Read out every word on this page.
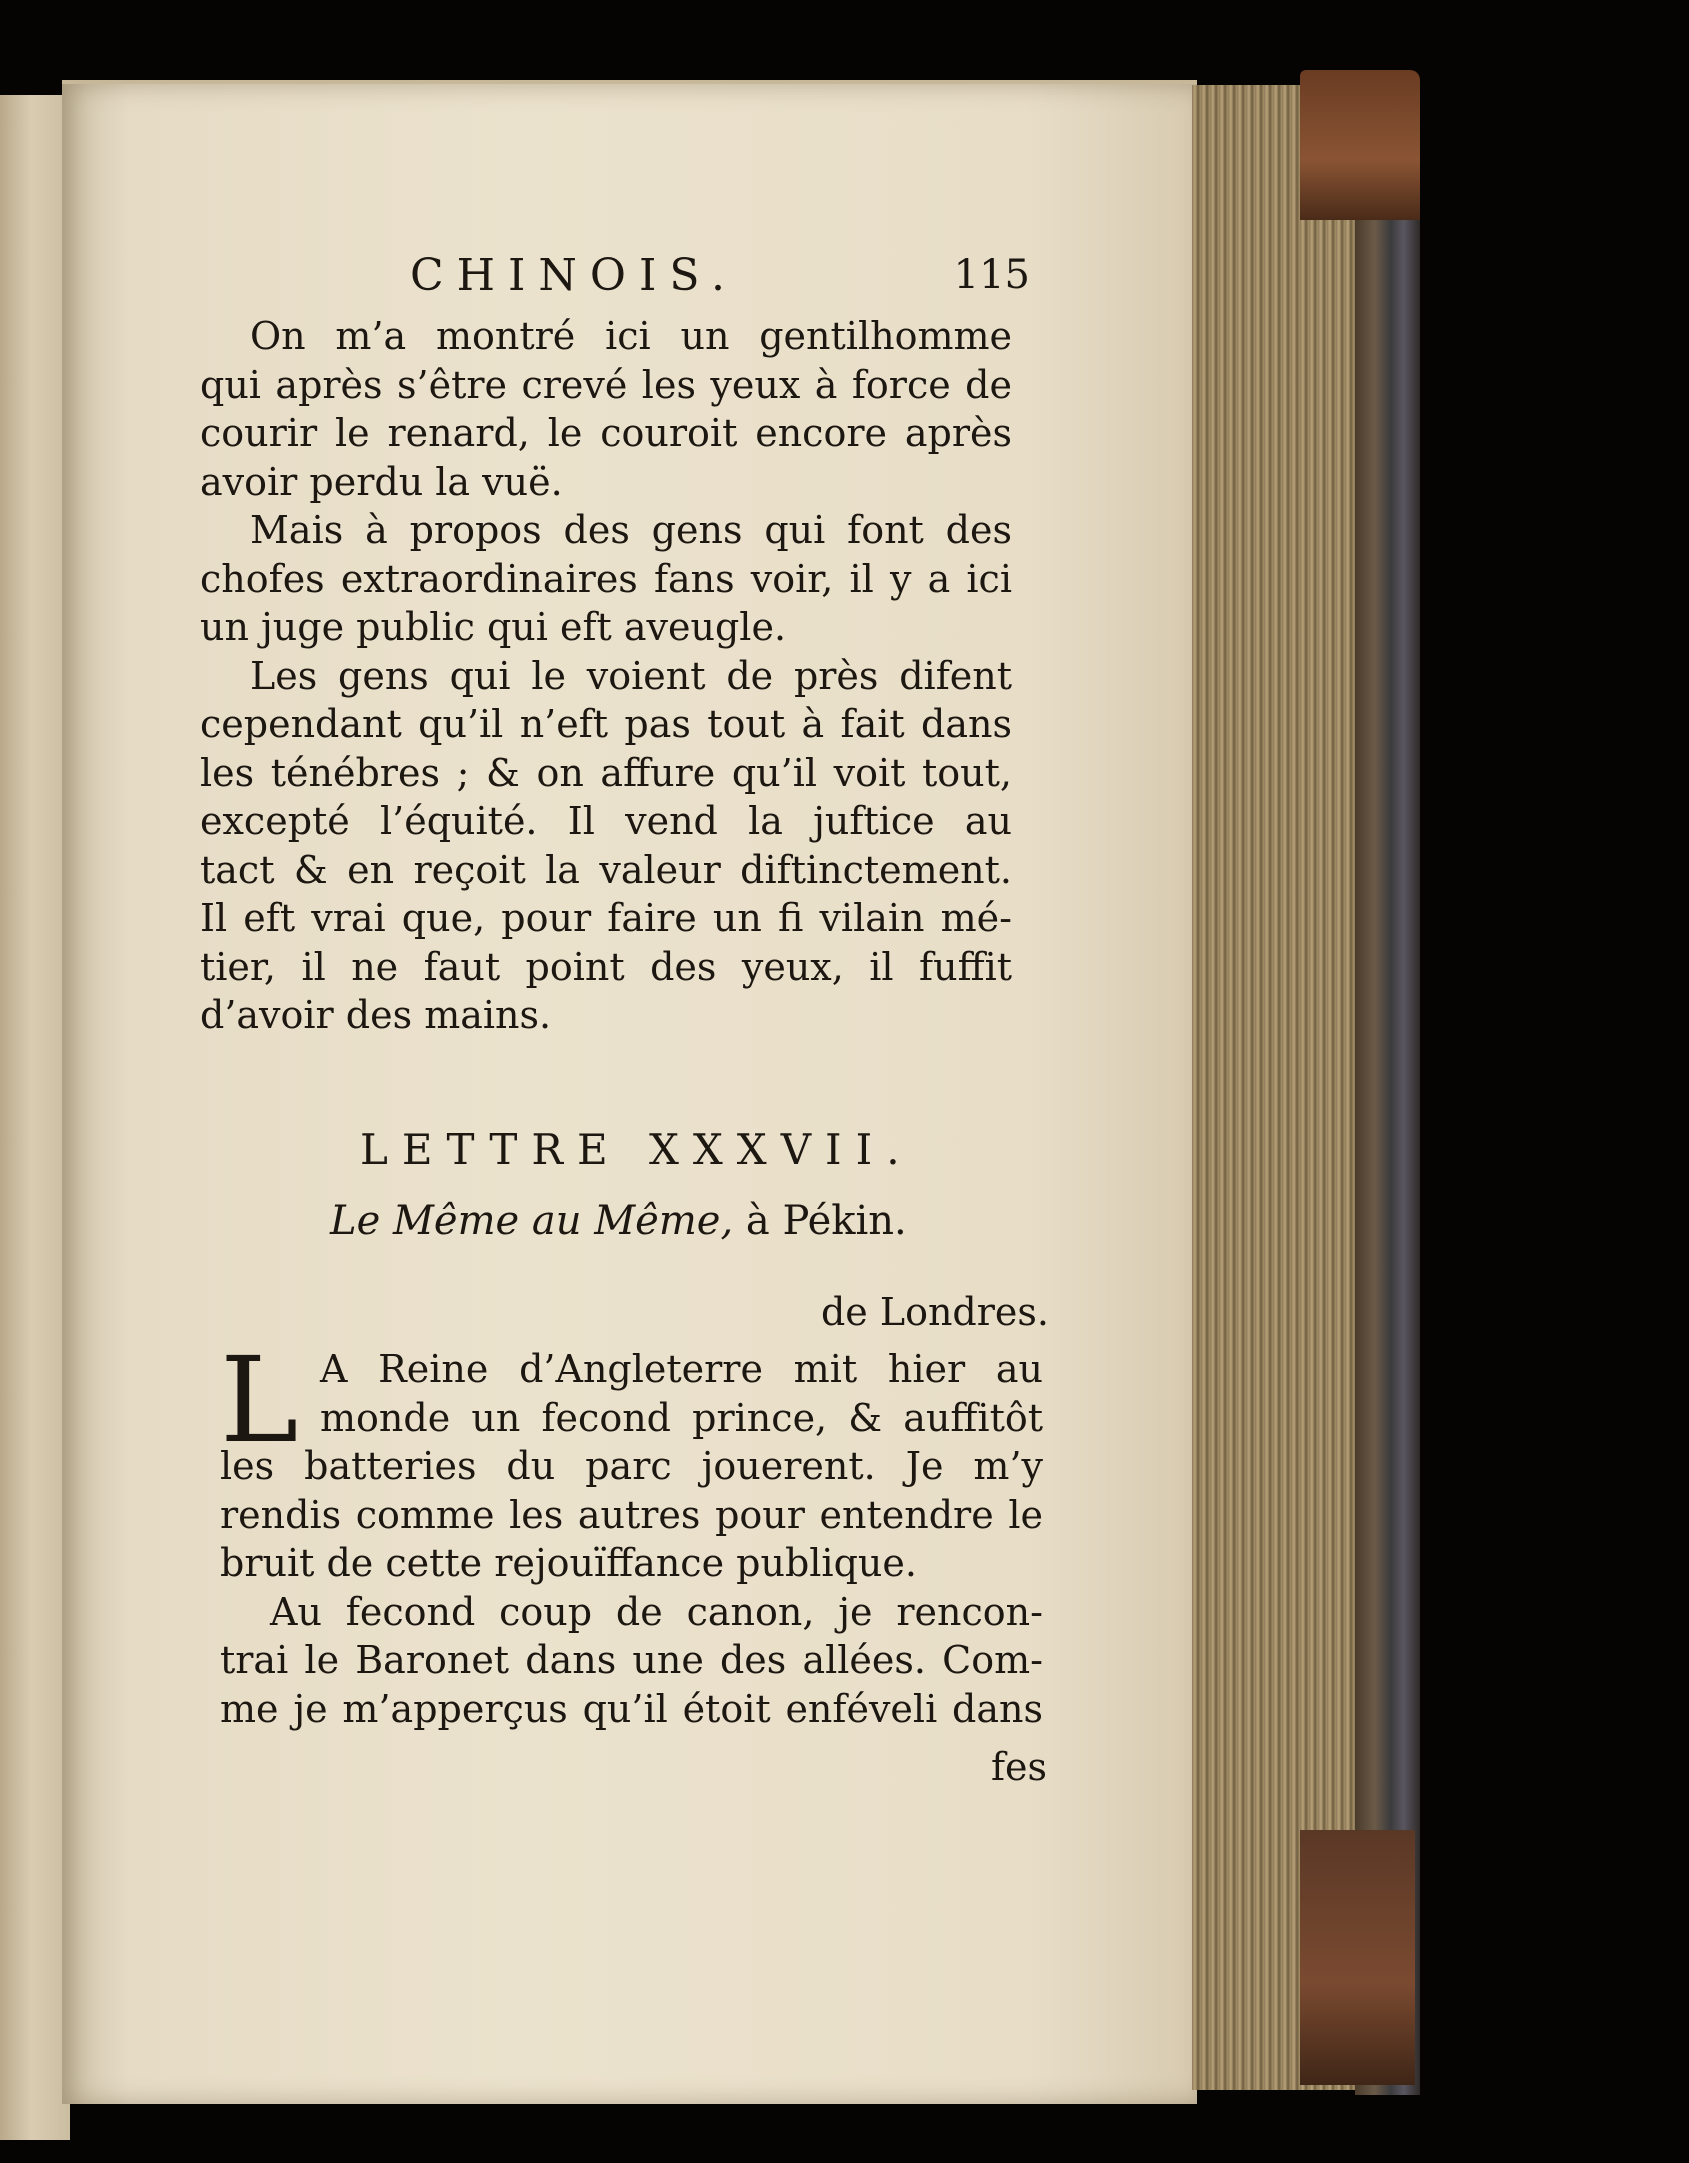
CHINOIS.	115
On m’a montré ici un gentilhomme
qui après s’être crevé les yeux à force de
courir le renard, le couroit encore après
avoir perdu la vuë.
Mais à propos des gens qui font des
chofes extraordinaires fans voir, il y a ici
un juge public qui eft aveugle.
Les gens qui le voient de près difent
cependant qu’il n’eft pas tout à fait dans
les ténébres ; & on affure qu’il voit tout,
excepté l’équité. Il vend la juftice au
tact & en reçoit la valeur diftinctement.
Il eft vrai que, pour faire un fi vilain mé-
tier, il ne faut point des yeux, il fuffit
d’avoir des mains.
LETTRE XXXVII.
Le Même au Même, à Pékin.
de Londres.
L A Reine d’Angleterre mit hier au
monde un fecond prince, & auffitôt
les batteries du parc jouerent. Je m’y
rendis comme les autres pour entendre le
bruit de cette rejouïffance publique.
Au fecond coup de canon, je rencon-
trai le Baronet dans une des allées. Com-
me je m’apperçus qu’il étoit enféveli dans
fes
